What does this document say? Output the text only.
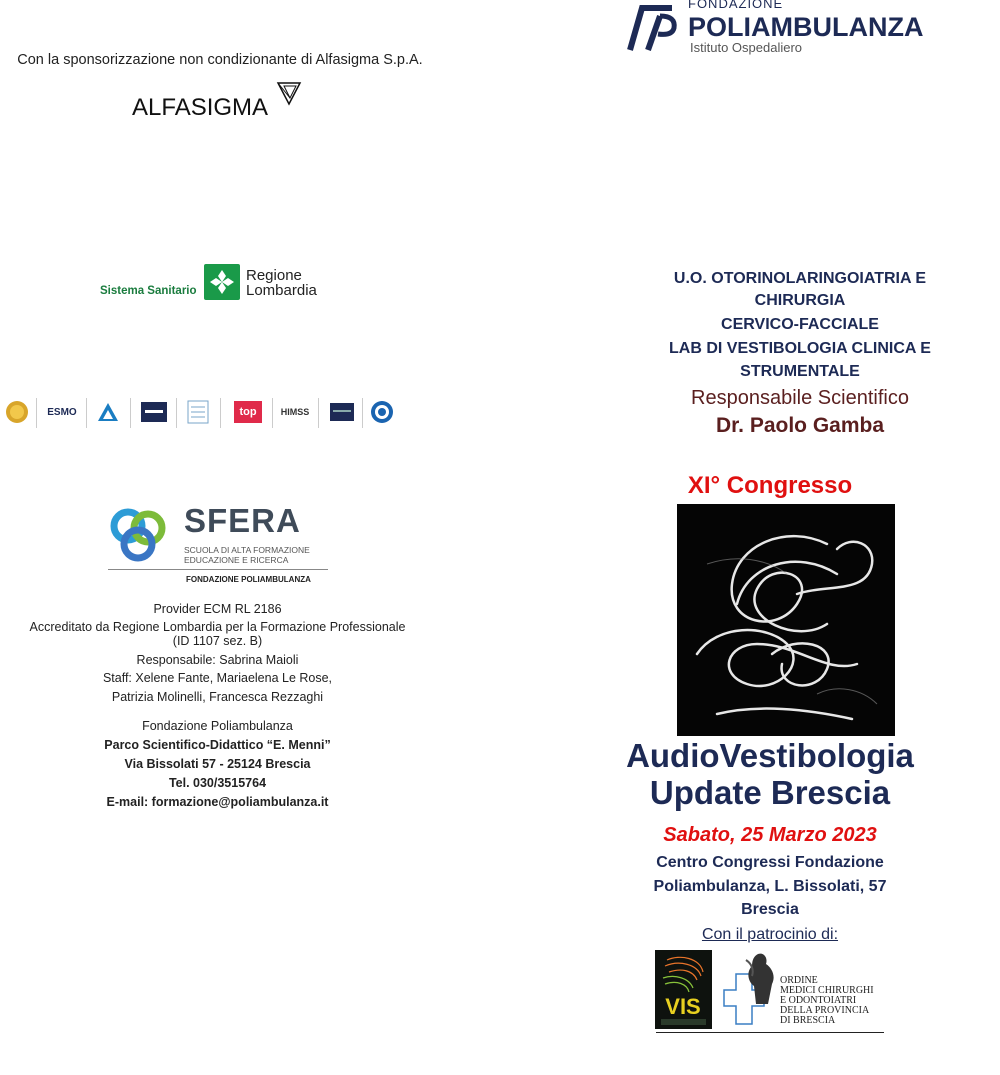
Con la sponsorizzazione non condizionante di Alfasigma S.p.A.
ALFASIGMA
Sistema Sanitario
Regione
Lombardia
ESMO	top	HIMSS
SFERA
SCUOLA DI ALTA FORMAZIONE
EDUCAZIONE E RICERCA
FONDAZIONE POLIAMBULANZA
Provider ECM RL 2186
Accreditato da Regione Lombardia per la Formazione Professionale
(ID 1107 sez. B)
Responsabile: Sabrina Maioli
Staff: Xelene Fante, Mariaelena Le Rose,
Patrizia Molinelli, Francesca Rezzaghi
Fondazione Poliambulanza
Parco Scientifico-Didattico “E. Menni”
Via Bissolati 57 - 25124 Brescia
Tel. 030/3515764
E-mail: formazione@poliambulanza.it
FONDAZIONE
POLIAMBULANZA
Istituto Ospedaliero
U.O. OTORINOLARINGOIATRIA E
CHIRURGIA
CERVICO-FACCIALE
LAB DI VESTIBOLOGIA CLINICA E
STRUMENTALE
Responsabile Scientifico
Dr. Paolo Gamba
XI° Congresso
AudioVestibologia
Update Brescia
Sabato, 25 Marzo 2023
Centro Congressi Fondazione
Poliambulanza, L. Bissolati, 57
Brescia
Con il patrocinio di:
VIS
ORDINE
MEDICI CHIRURGHI
E ODONTOIATRI
DELLA PROVINCIA
DI BRESCIA
